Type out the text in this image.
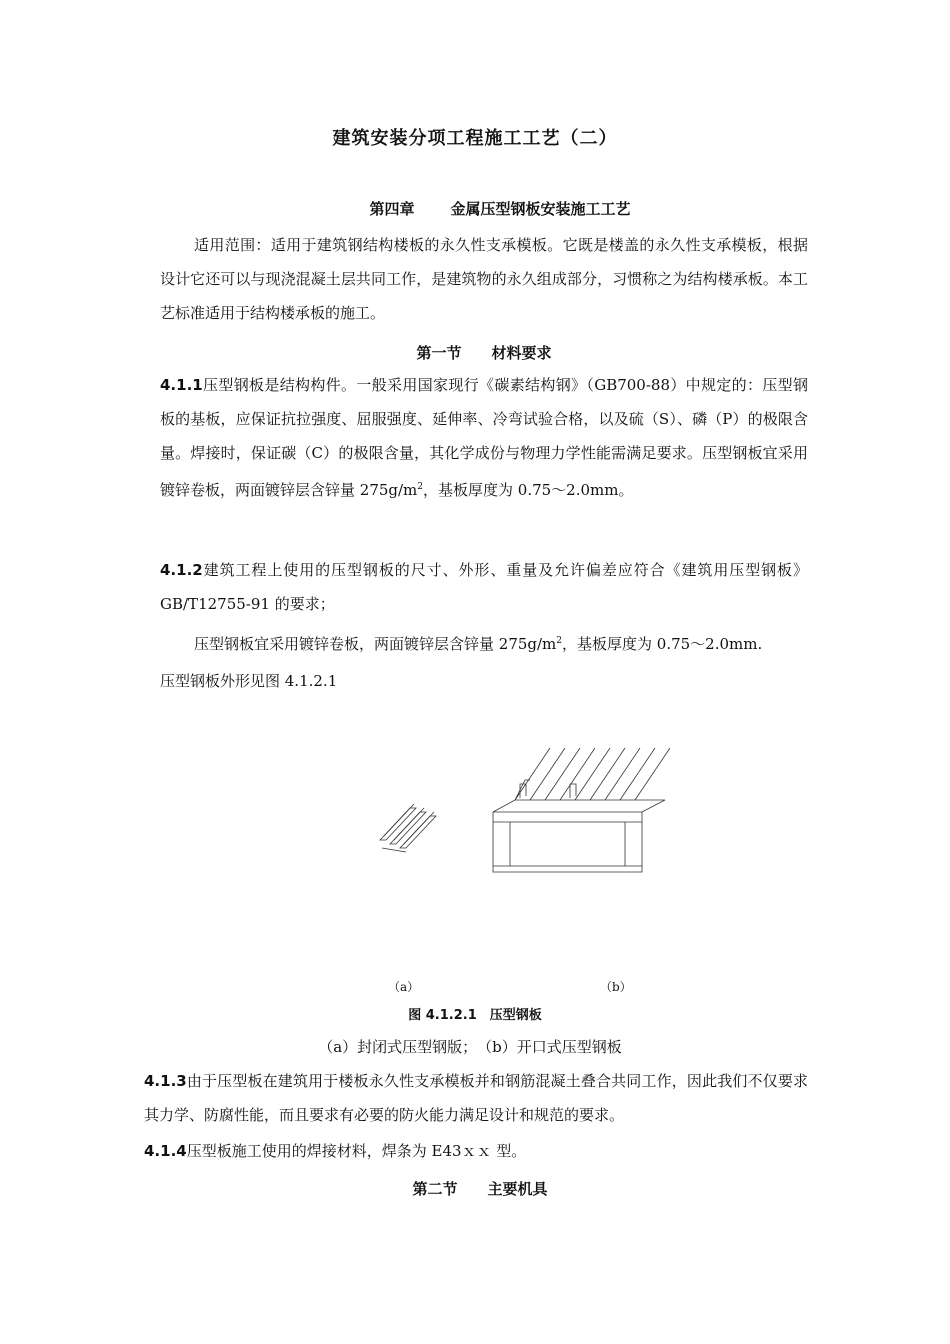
建筑安装分项工程施工工艺（二）
第四章 金属压型钢板安装施工工艺
适用范围：适用于建筑钢结构楼板的永久性支承模板。它既是楼盖的永久性支承模板，根据设计它还可以与现浇混凝土层共同工作，是建筑物的永久组成部分，习惯称之为结构楼承板。本工艺标准适用于结构楼承板的施工。
第一节 材料要求
4.1.1压型钢板是结构构件。一般采用国家现行《碳素结构钢》（GB700-88）中规定的：压型钢板的基板，应保证抗拉强度、屈服强度、延伸率、冷弯试验合格，以及硫（S）、磷（P）的极限含量。焊接时，保证碳（C）的极限含量，其化学成份与物理力学性能需满足要求。压型钢板宜采用镀锌卷板，两面镀锌层含锌量 $275g/m^2$，基板厚度为 0.75～2.0mm。
4.1.2建筑工程上使用的压型钢板的尺寸、外形、重量及允许偏差应符合《建筑用压型钢板》GB/T12755-91 的要求；
压型钢板宜采用镀锌卷板，两面镀锌层含锌量 $275g/m^2$，基板厚度为 0.75～2.0mm.
压型钢板外形见图 4.1.2.1
（a）	（b）
图 4.1.2.1　压型钢板
（a）封闭式压型钢版；　（b）开口式压型钢板
4.1.3由于压型板在建筑用于楼板永久性支承模板并和钢筋混凝土叠合共同工作，因此我们不仅要求其力学、防腐性能，而且要求有必要的防火能力满足设计和规范的要求。
4.1.4压型板施工使用的焊接材料，焊条为 E43ｘｘ 型。
第二节 主要机具
